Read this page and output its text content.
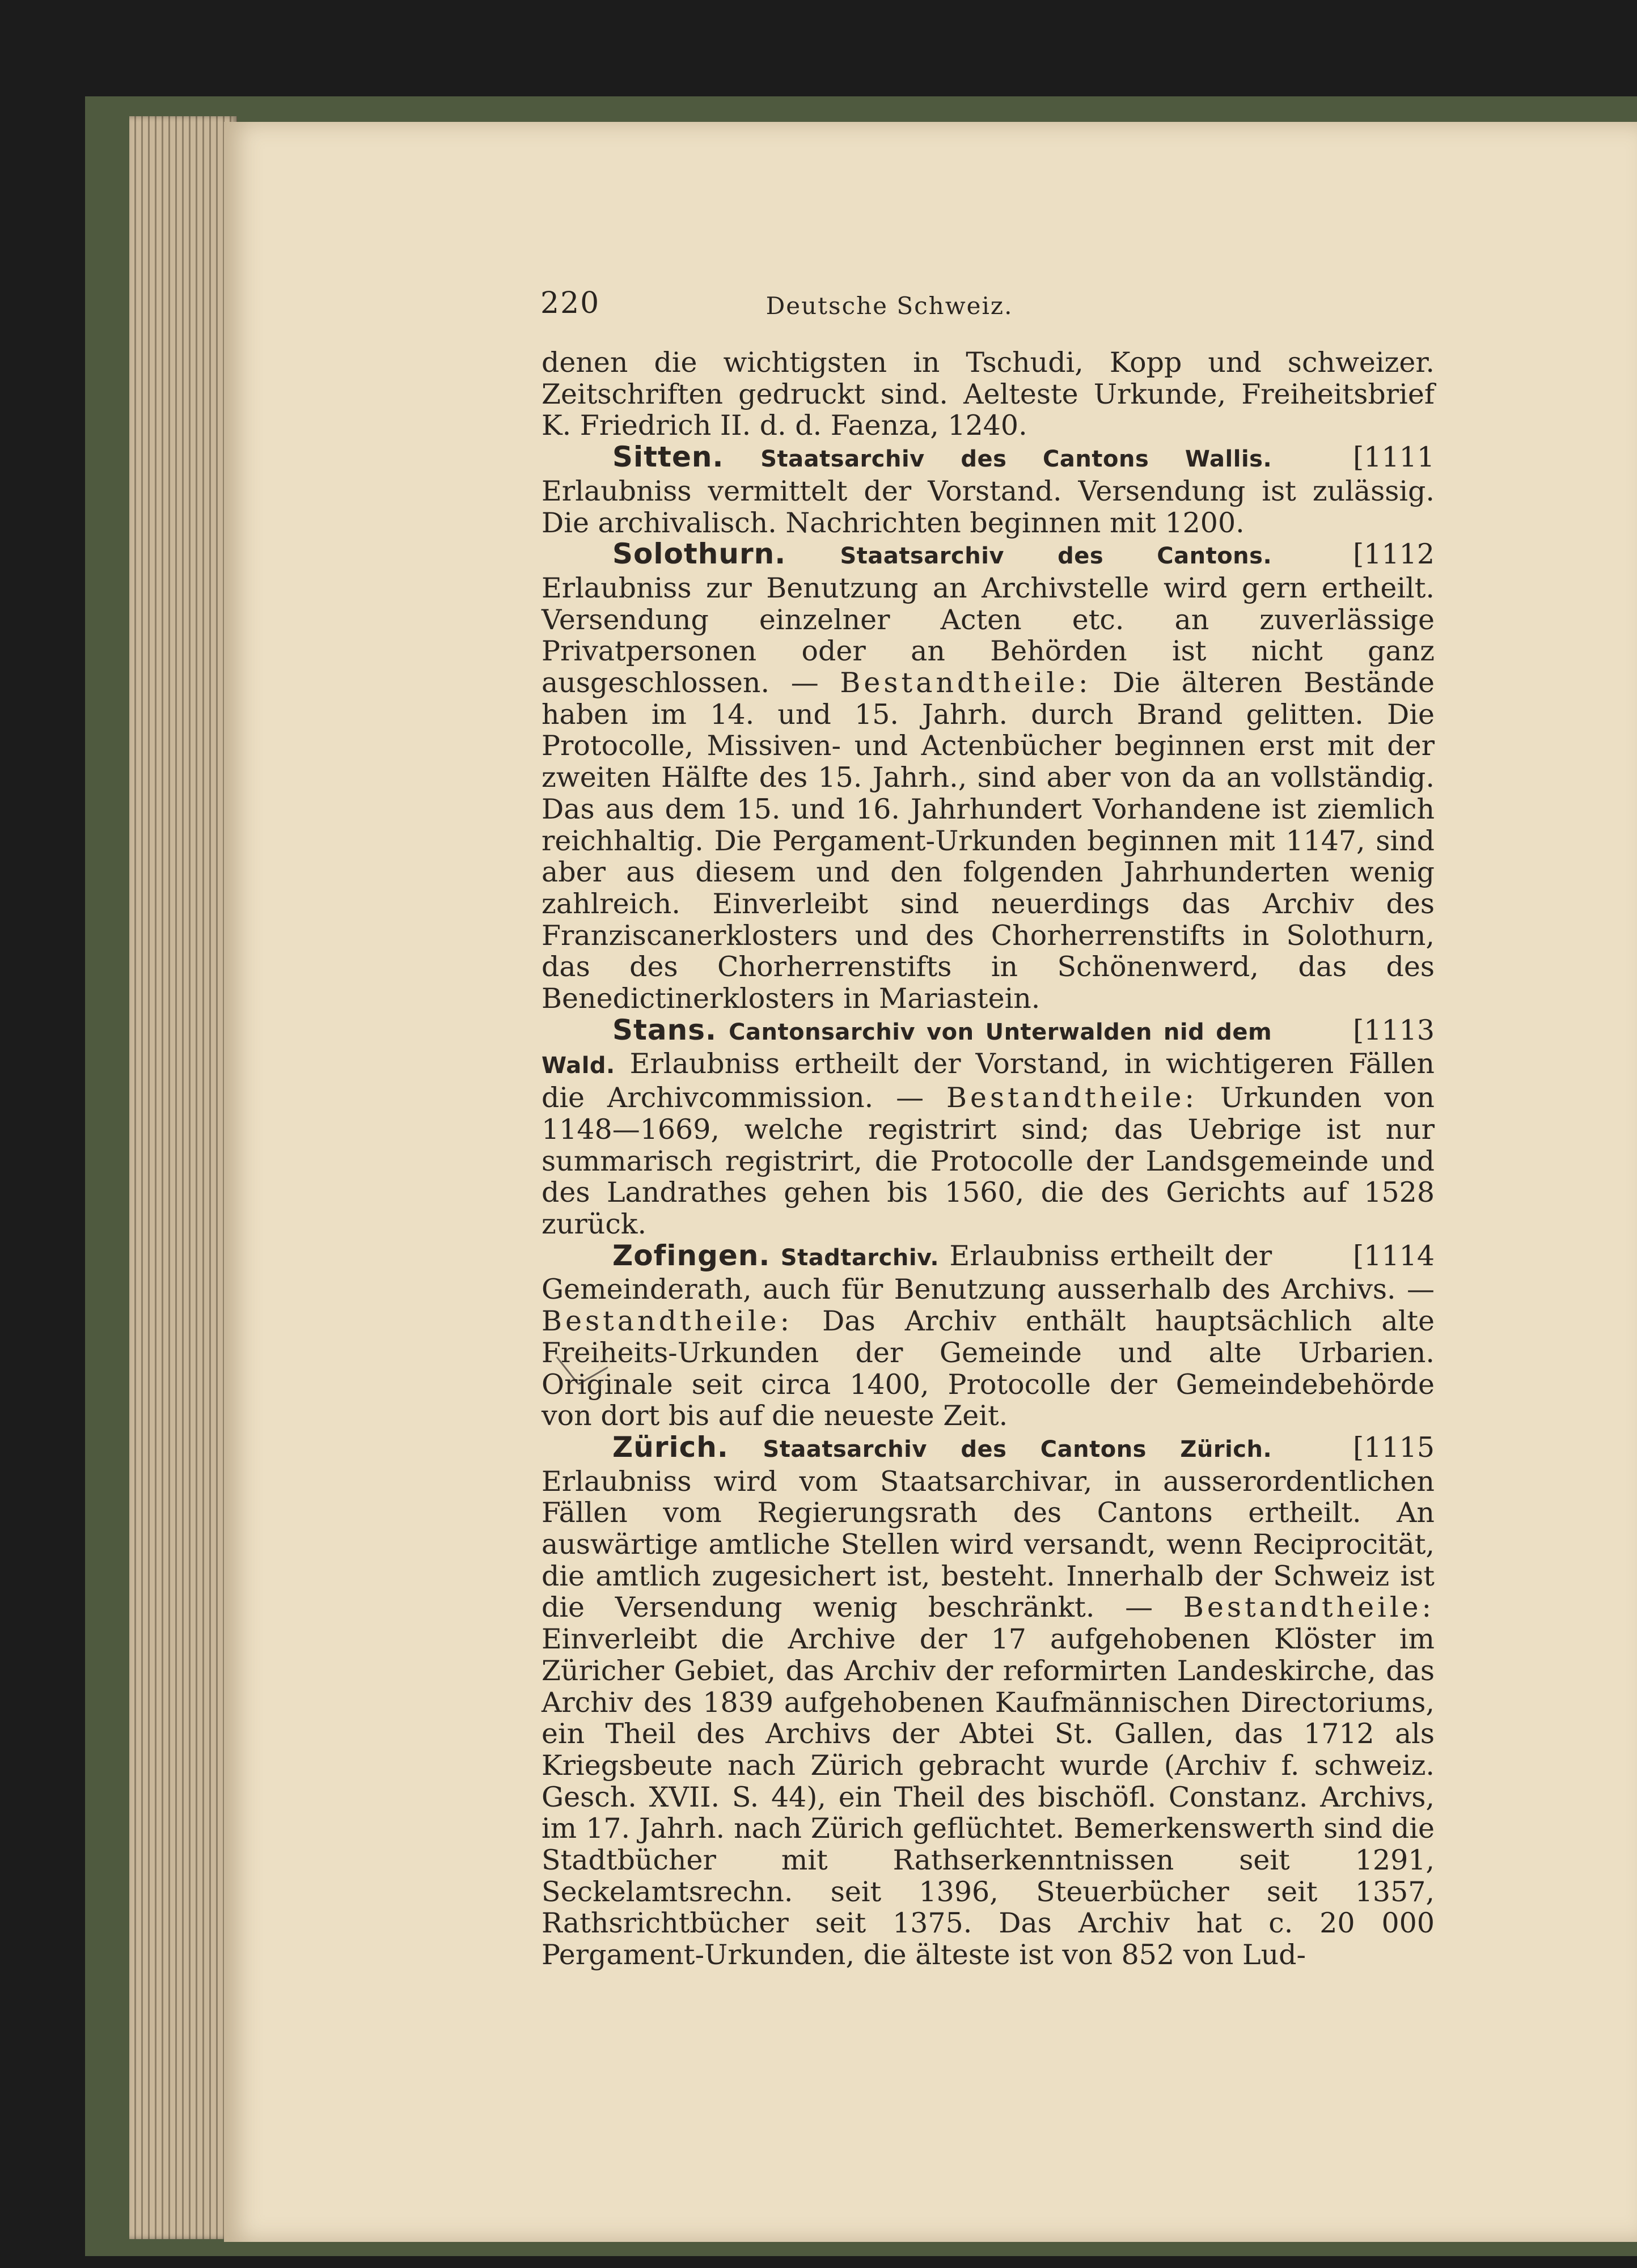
220	Deutsche Schweiz.

denen die wichtigsten in Tschudi, Kopp und schweizer. Zeitschriften gedruckt sind. Aelteste Urkunde, Freiheitsbrief K. Friedrich II. d. d. Faenza, 1240.

[ 1111
Sitten. Staatsarchiv des Cantons Wallis. Erlaubniss vermittelt der Vorstand. Versendung ist zulässig. Die archivalisch. Nachrichten beginnen mit 1200.

[ 1112
Solothurn. Staatsarchiv des Cantons. Erlaubniss zur Benutzung an Archivstelle wird gern ertheilt. Versendung einzelner Acten etc. an zuverlässige Privatpersonen oder an Behörden ist nicht ganz ausgeschlossen. — Bestandtheile: Die älteren Bestände haben im 14. und 15. Jahrh. durch Brand gelitten. Die Protocolle, Missiven- und Actenbücher beginnen erst mit der zweiten Hälfte des 15. Jahrh., sind aber von da an vollständig. Das aus dem 15. und 16. Jahrhundert Vorhandene ist ziemlich reichhaltig. Die Pergament-Urkunden beginnen mit 1147, sind aber aus diesem und den folgenden Jahrhunderten wenig zahlreich. Einverleibt sind neuerdings das Archiv des Franziscanerklosters und des Chorherrenstifts in Solothurn, das des Chorherrenstifts in Schönenwerd, das des Benedictinerklosters in Mariastein.

[ 1113
Stans. Cantonsarchiv von Unterwalden nid dem Wald. Erlaubniss ertheilt der Vorstand, in wichtigeren Fällen die Archivcommission. — Bestandtheile: Urkunden von 1148—1669, welche registrirt sind; das Uebrige ist nur summarisch registrirt, die Protocolle der Landsgemeinde und des Landrathes gehen bis 1560, die des Gerichts auf 1528 zurück.

[ 1114
Zofingen. Stadtarchiv. Erlaubniss ertheilt der Gemeinderath, auch für Benutzung ausserhalb des Archivs. — Bestandtheile: Das Archiv enthält hauptsächlich alte Freiheits-Urkunden der Gemeinde und alte Urbarien. Originale seit circa 1400, Protocolle der Gemeindebehörde von dort bis auf die neueste Zeit.

[ 1115
Zürich. Staatsarchiv des Cantons Zürich. Erlaubniss wird vom Staatsarchivar, in ausserordentlichen Fällen vom Regierungsrath des Cantons ertheilt. An auswärtige amtliche Stellen wird versandt, wenn Reciprocität, die amtlich zugesichert ist, besteht. Innerhalb der Schweiz ist die Versendung wenig beschränkt. — Bestandtheile: Einverleibt die Archive der 17 aufgehobenen Klöster im Züricher Gebiet, das Archiv der reformirten Landeskirche, das Archiv des 1839 aufgehobenen Kaufmännischen Directoriums, ein Theil des Archivs der Abtei St. Gallen, das 1712 als Kriegsbeute nach Zürich gebracht wurde (Archiv f. schweiz. Gesch. XVII. S. 44), ein Theil des bischöfl. Constanz. Archivs, im 17. Jahrh. nach Zürich geflüchtet. Bemerkenswerth sind die Stadtbücher mit Rathserkenntnissen seit 1291, Seckelamtsrechn. seit 1396, Steuerbücher seit 1357, Rathsrichtbücher seit 1375. Das Archiv hat c. 20 000 Pergament-Urkunden, die älteste ist von 852 von Lud-
